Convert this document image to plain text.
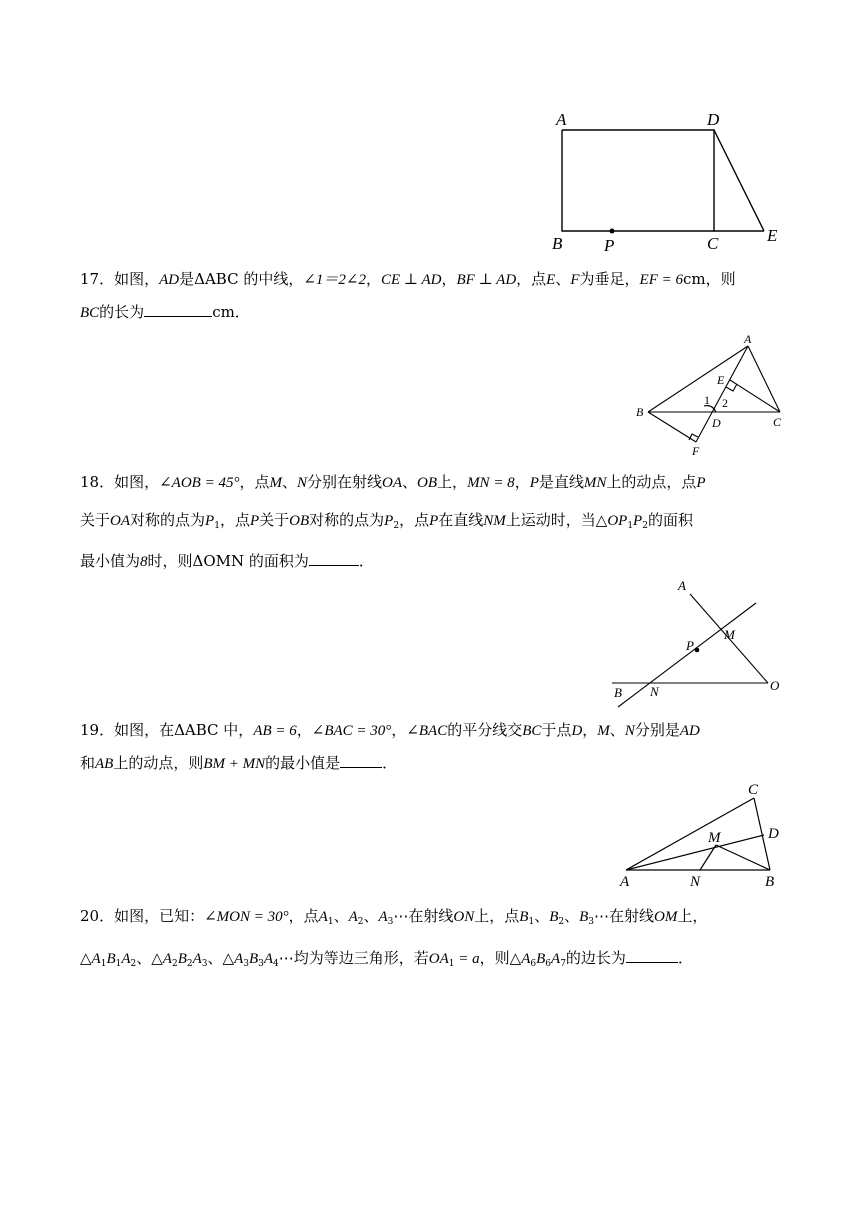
A	D
B P	C	E
17．如图，AD是ΔABC 的中线，∠1＝2∠2，CE ⊥ AD，BF ⊥ AD，点E、F为垂足，EF = 6cm，则
BC的长为	cm．
A
E
1 2
B
D	C
F
18．如图，∠AOB = 45°，点M、N分别在射线OA、OB上，MN = 8，P是直线MN上的动点，点P
关于OA对称的点为$P_1$，点P关于OB对称的点为$P_2$，点P在直线NM上运动时，当$\triangle OP_1P_2$的面积
最小值为8时，则ΔOMN 的面积为	．
A
M
P
B N	O
19．如图，在ΔABC 中，AB = 6，∠BAC = 30°，∠BAC的平分线交BC于点D，M、N分别是AD
和AB上的动点，则BM + MN的最小值是	．
C
M	D
A	N	B
20．如图，已知：∠MON = 30°，点$A_1$、$A_2$、$A_3\cdots$在射线ON上，点$B_1$、$B_2$、$B_3\cdots$在射线OM上，
$\triangle A_1B_1A_2$、$\triangle A_2B_2A_3$、$\triangle A_3B_3A_4\cdots$均为等边三角形，若$OA_1 = a$，则$\triangle A_6B_6A_7$的边长为	．
